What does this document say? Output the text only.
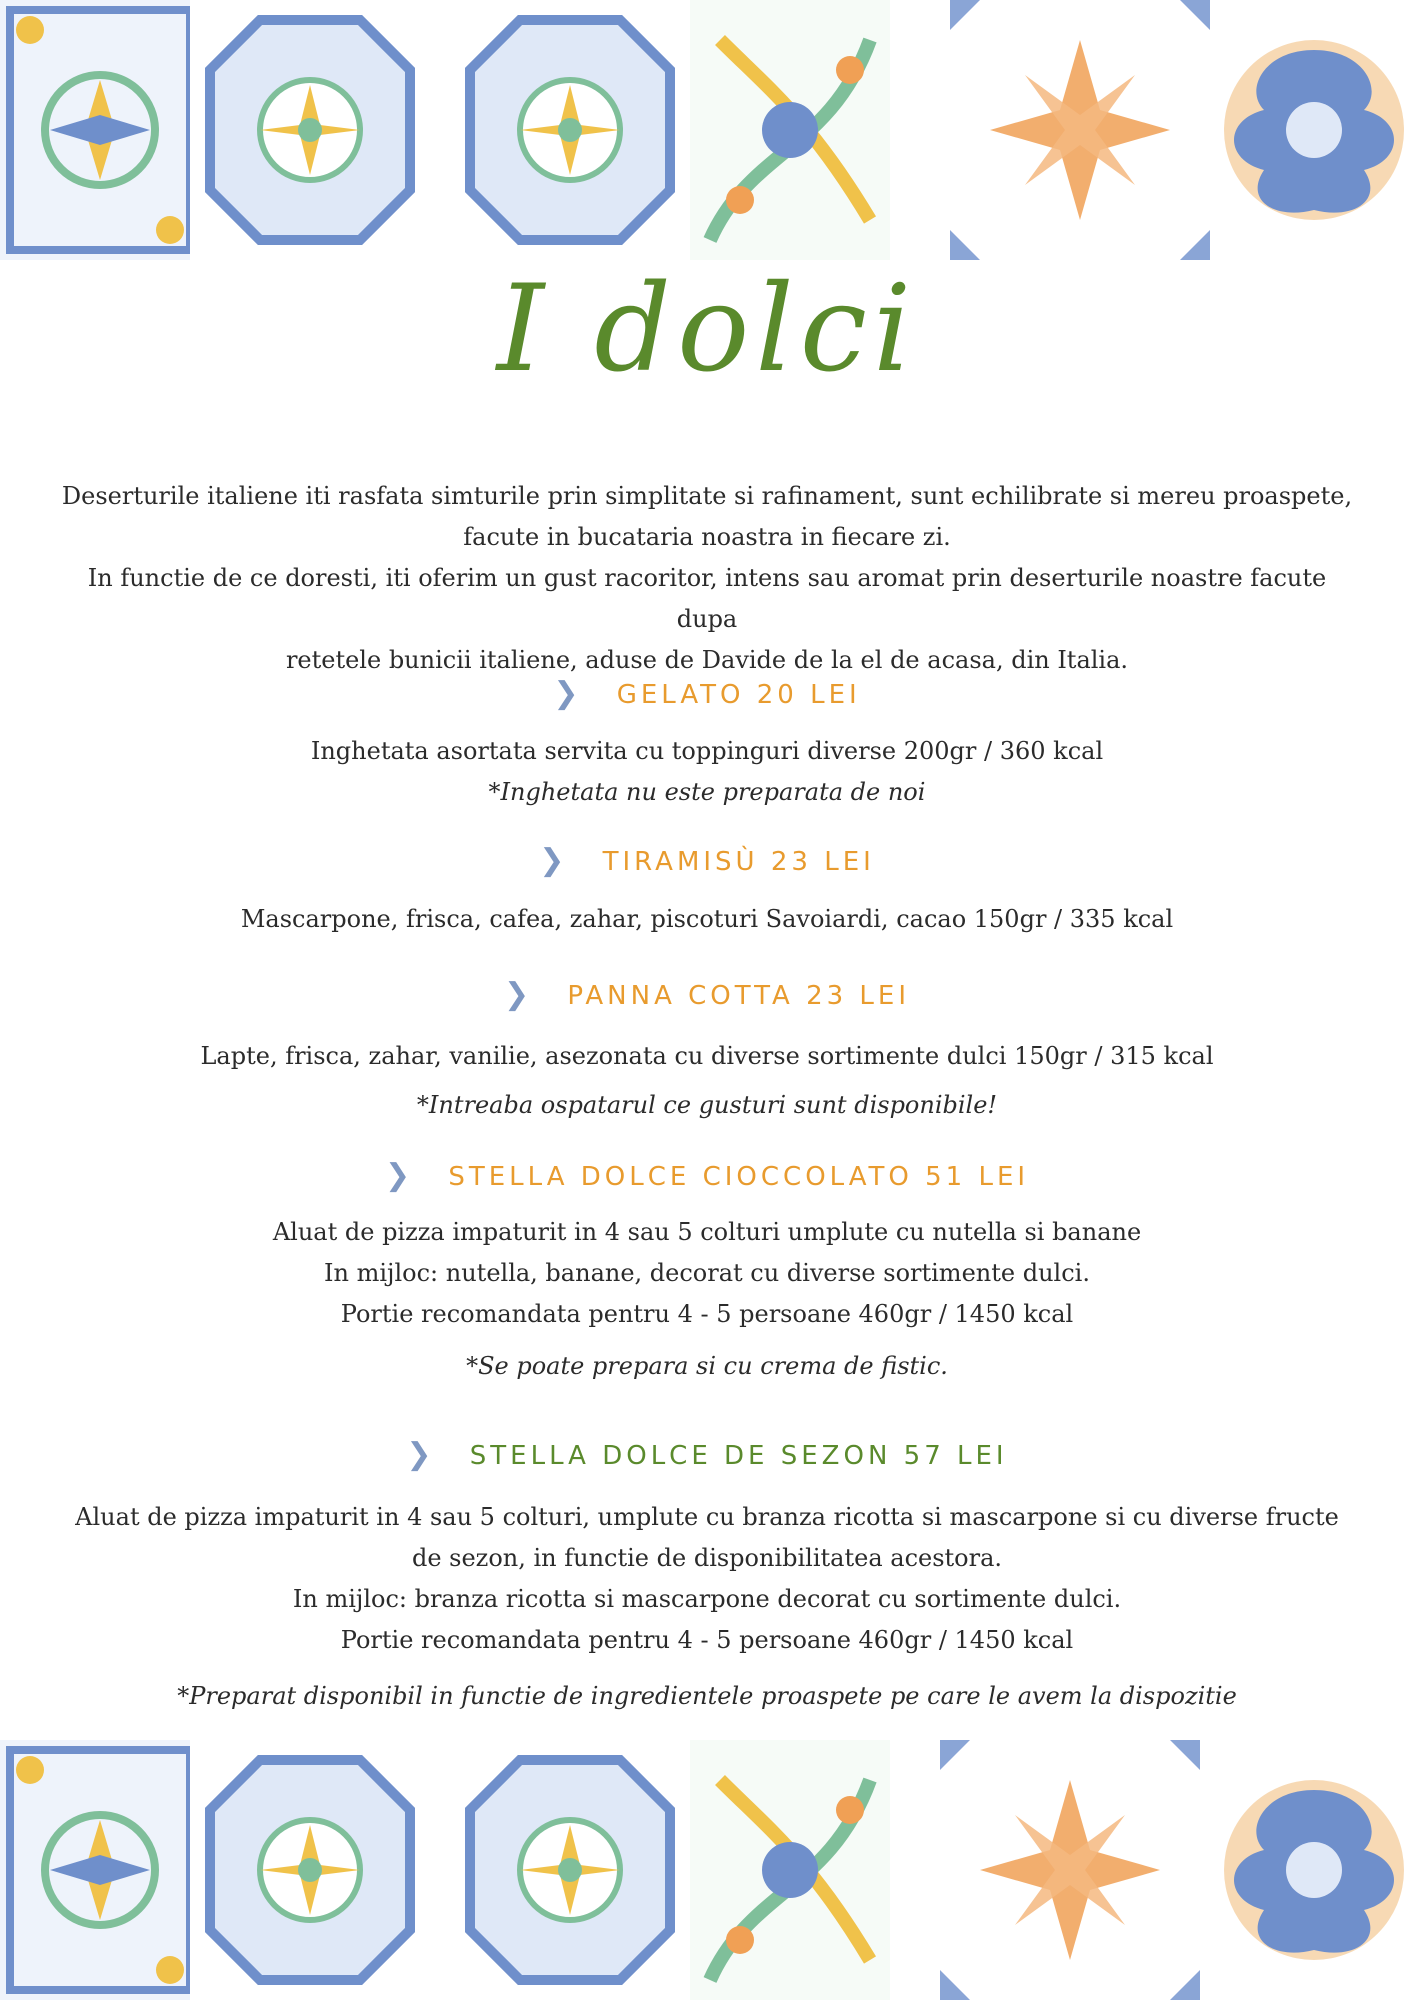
I dolci
Deserturile italiene iti rasfata simturile prin simplitate si rafinament, sunt echilibrate si mereu proaspete,
facute in bucataria noastra in fiecare zi.
In functie de ce doresti, iti oferim un gust racoritor, intens sau aromat prin deserturile noastre facute dupa
retetele bunicii italiene, aduse de Davide de la el de acasa, din Italia.
❯ GELATO 20 LEI
Inghetata asortata servita cu toppinguri diverse 200gr / 360 kcal
*Inghetata nu este preparata de noi
❯ TIRAMISÙ 23 LEI
Mascarpone, frisca, cafea, zahar, piscoturi Savoiardi, cacao 150gr / 335 kcal
❯ PANNA COTTA 23 LEI
Lapte, frisca, zahar, vanilie, asezonata cu diverse sortimente dulci 150gr / 315 kcal
*Intreaba ospatarul ce gusturi sunt disponibile!
❯ STELLA DOLCE CIOCCOLATO 51 LEI
Aluat de pizza impaturit in 4 sau 5 colturi umplute cu nutella si banane
In mijloc: nutella, banane, decorat cu diverse sortimente dulci.
Portie recomandata pentru 4 - 5 persoane 460gr / 1450 kcal
*Se poate prepara si cu crema de fistic.
❯ STELLA DOLCE DE SEZON 57 LEI
Aluat de pizza impaturit in 4 sau 5 colturi, umplute cu branza ricotta si mascarpone si cu diverse fructe
de sezon, in functie de disponibilitatea acestora.
In mijloc: branza ricotta si mascarpone decorat cu sortimente dulci.
Portie recomandata pentru 4 - 5 persoane 460gr / 1450 kcal
*Preparat disponibil in functie de ingredientele proaspete pe care le avem la dispozitie
